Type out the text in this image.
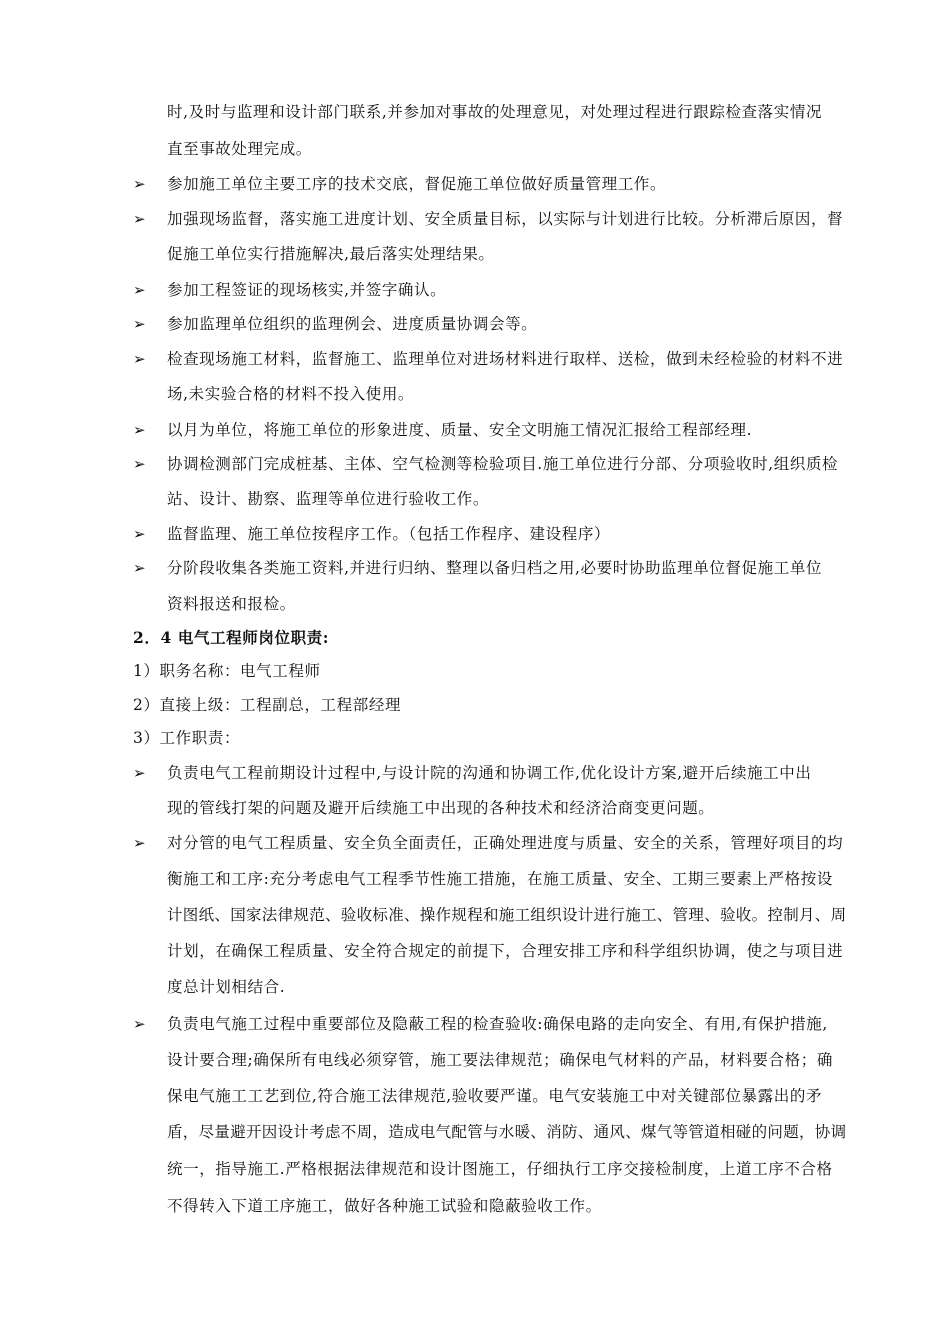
时,及时与监理和设计部门联系,并参加对事故的处理意见，对处理过程进行跟踪检查落实情况
直至事故处理完成。
➢ 参加施工单位主要工序的技术交底，督促施工单位做好质量管理工作。
➢ 加强现场监督，落实施工进度计划、安全质量目标，以实际与计划进行比较。分析滞后原因，督
促施工单位实行措施解决,最后落实处理结果。
➢ 参加工程签证的现场核实,并签字确认。
➢ 参加监理单位组织的监理例会、进度质量协调会等。
➢ 检查现场施工材料，监督施工、监理单位对进场材料进行取样、送检，做到未经检验的材料不进
场,未实验合格的材料不投入使用。
➢ 以月为单位，将施工单位的形象进度、质量、安全文明施工情况汇报给工程部经理.
➢ 协调检测部门完成桩基、主体、空气检测等检验项目.施工单位进行分部、分项验收时,组织质检
站、设计、勘察、监理等单位进行验收工作。
➢ 监督监理、施工单位按程序工作。（包括工作程序、建设程序）
➢ 分阶段收集各类施工资料,并进行归纳、整理以备归档之用,必要时协助监理单位督促施工单位
资料报送和报检。
2．4 电气工程师岗位职责:
1）职务名称：电气工程师
2）直接上级：工程副总，工程部经理
3）工作职责：
➢ 负责电气工程前期设计过程中,与设计院的沟通和协调工作,优化设计方案,避开后续施工中出
现的管线打架的问题及避开后续施工中出现的各种技术和经济洽商变更问题。
➢ 对分管的电气工程质量、安全负全面责任，正确处理进度与质量、安全的关系，管理好项目的均
衡施工和工序:充分考虑电气工程季节性施工措施，在施工质量、安全、工期三要素上严格按设
计图纸、国家法律规范、验收标准、操作规程和施工组织设计进行施工、管理、验收。控制月、周
计划，在确保工程质量、安全符合规定的前提下，合理安排工序和科学组织协调，使之与项目进
度总计划相结合.
➢ 负责电气施工过程中重要部位及隐蔽工程的检查验收:确保电路的走向安全、有用,有保护措施,
设计要合理;确保所有电线必须穿管，施工要法律规范；确保电气材料的产品，材料要合格；确
保电气施工工艺到位,符合施工法律规范,验收要严谨。电气安装施工中对关键部位暴露出的矛
盾，尽量避开因设计考虑不周，造成电气配管与水暖、消防、通风、煤气等管道相碰的问题，协调
统一，指导施工.严格根据法律规范和设计图施工，仔细执行工序交接检制度，上道工序不合格
不得转入下道工序施工，做好各种施工试验和隐蔽验收工作。
